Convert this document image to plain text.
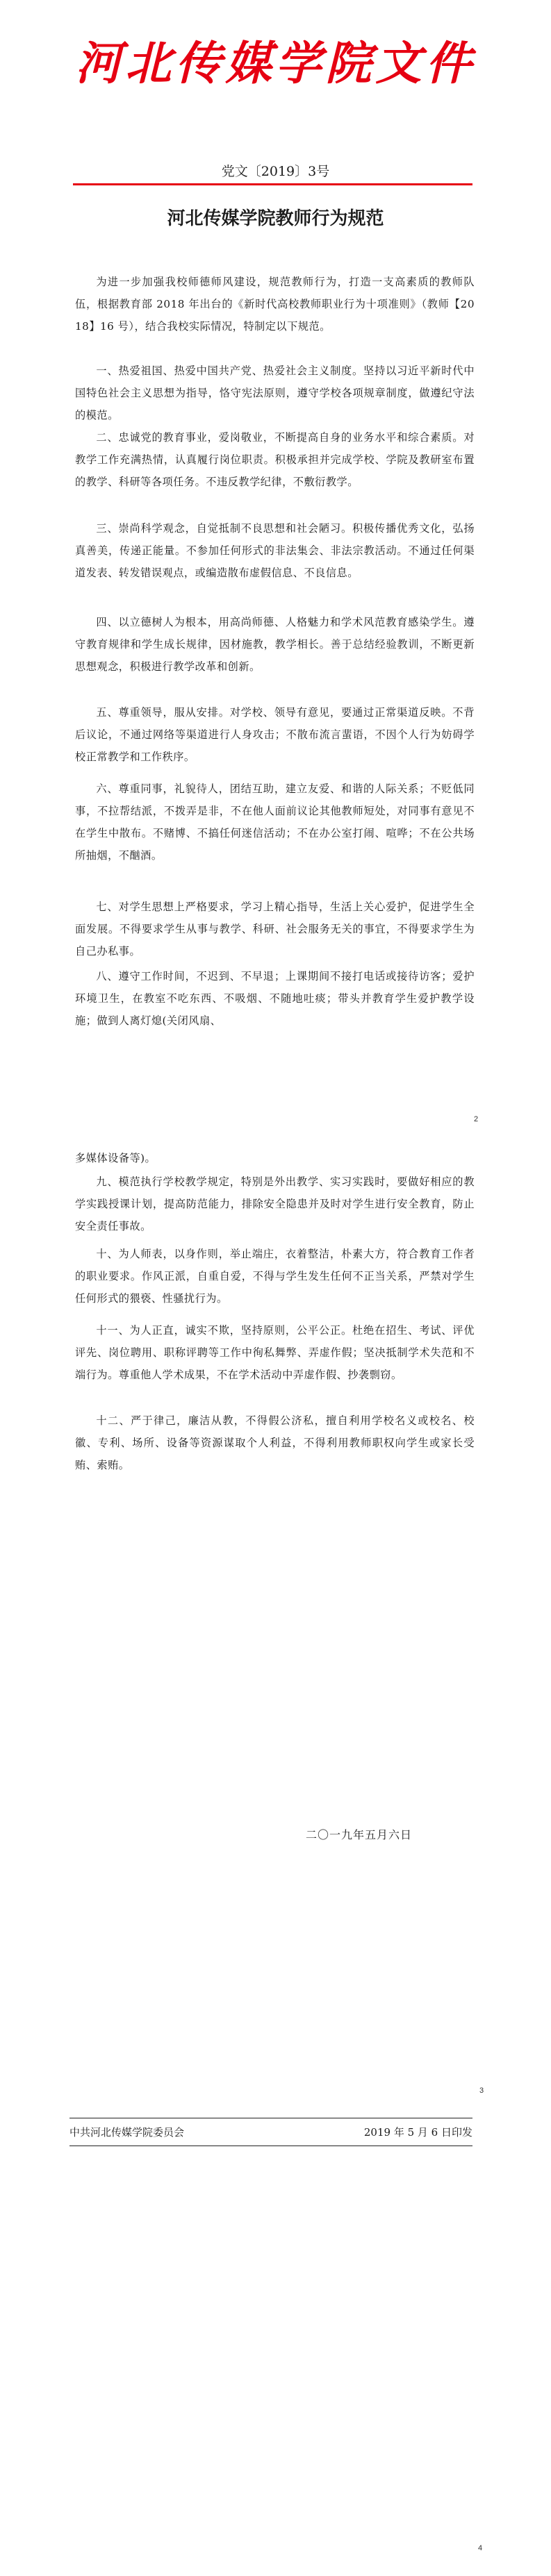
河北传媒学院文件
党文〔2019〕3号
河北传媒学院教师行为规范
为进一步加强我校师德师风建设，规范教师行为，打造一支高素质的教师队伍，根据教育部 2018 年出台的《新时代高校教师职业行为十项准则》（教师【2018】16 号），结合我校实际情况，特制定以下规范。
一、热爱祖国、热爱中国共产党、热爱社会主义制度。坚持以习近平新时代中国特色社会主义思想为指导，恪守宪法原则，遵守学校各项规章制度，做遵纪守法的模范。
二、忠诚党的教育事业，爱岗敬业，不断提高自身的业务水平和综合素质。对教学工作充满热情，认真履行岗位职责。积极承担并完成学校、学院及教研室布置的教学、科研等各项任务。不违反教学纪律，不敷衍教学。
三、崇尚科学观念，自觉抵制不良思想和社会陋习。积极传播优秀文化，弘扬真善美，传递正能量。不参加任何形式的非法集会、非法宗教活动。不通过任何渠道发表、转发错误观点，或编造散布虚假信息、不良信息。
四、以立德树人为根本，用高尚师德、人格魅力和学术风范教育感染学生。遵守教育规律和学生成长规律，因材施教，教学相长。善于总结经验教训，不断更新思想观念，积极进行教学改革和创新。
五、尊重领导，服从安排。对学校、领导有意见，要通过正常渠道反映。不背后议论，不通过网络等渠道进行人身攻击；不散布流言蜚语，不因个人行为妨碍学校正常教学和工作秩序。
六、尊重同事，礼貌待人，团结互助，建立友爱、和谐的人际关系；不贬低同事，不拉帮结派，不拨弄是非，不在他人面前议论其他教师短处，对同事有意见不在学生中散布。不赌博、不搞任何迷信活动；不在办公室打闹、喧哗；不在公共场所抽烟，不酗酒。
七、对学生思想上严格要求，学习上精心指导，生活上关心爱护，促进学生全面发展。不得要求学生从事与教学、科研、社会服务无关的事宜，不得要求学生为自己办私事。
八、遵守工作时间，不迟到、不早退；上课期间不接打电话或接待访客；爱护环境卫生，在教室不吃东西、不吸烟、不随地吐痰；带头并教育学生爱护教学设施；做到人离灯熄(关闭风扇、
2
多媒体设备等)。
九、模范执行学校教学规定，特别是外出教学、实习实践时，要做好相应的教学实践授课计划，提高防范能力，排除安全隐患并及时对学生进行安全教育，防止安全责任事故。
十、为人师表，以身作则，举止端庄，衣着整洁，朴素大方，符合教育工作者的职业要求。作风正派，自重自爱，不得与学生发生任何不正当关系，严禁对学生任何形式的猥亵、性骚扰行为。
十一、为人正直，诚实不欺，坚持原则，公平公正。杜绝在招生、考试、评优评先、岗位聘用、职称评聘等工作中徇私舞弊、弄虚作假；坚决抵制学术失范和不端行为。尊重他人学术成果，不在学术活动中弄虚作假、抄袭剽窃。
十二、严于律己，廉洁从教，不得假公济私，擅自利用学校名义或校名、校徽、专利、场所、设备等资源谋取个人利益，不得利用教师职权向学生或家长受贿、索贿。
二〇一九年五月六日
3
中共河北传媒学院委员会	2019 年 5 月 6 日印发
4
